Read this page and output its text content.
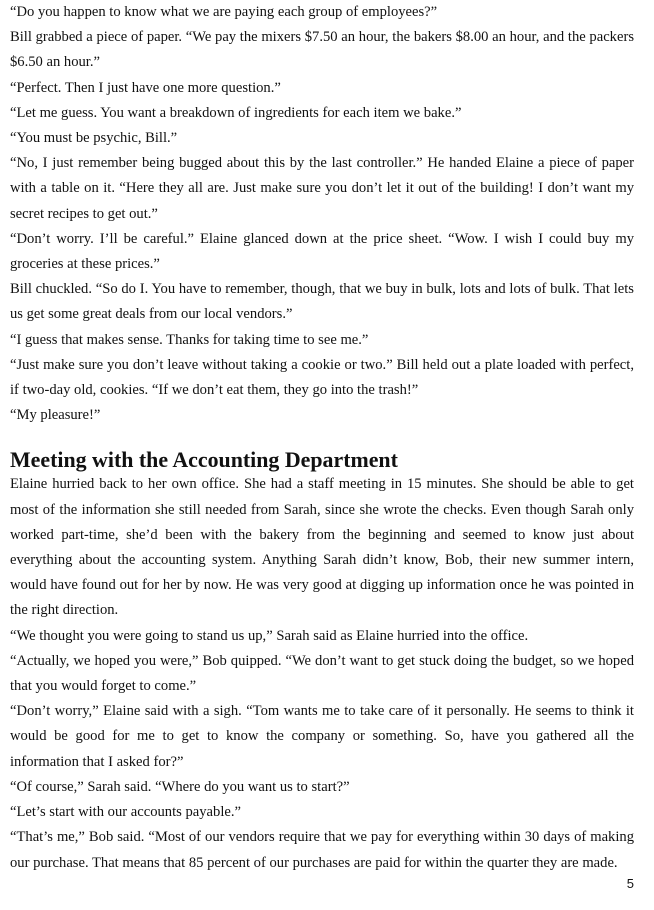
“Do you happen to know what we are paying each group of employees?”

Bill grabbed a piece of paper. “We pay the mixers $7.50 an hour, the bakers $8.00 an hour, and the packers $6.50 an hour.”

“Perfect. Then I just have one more question.”

“Let me guess. You want a breakdown of ingredients for each item we bake.”

“You must be psychic, Bill.”

“No, I just remember being bugged about this by the last controller.” He handed Elaine a piece of paper with a table on it. “Here they all are. Just make sure you don’t let it out of the building! I don’t want my secret recipes to get out.”

“Don’t worry. I’ll be careful.” Elaine glanced down at the price sheet. “Wow. I wish I could buy my groceries at these prices.”

Bill chuckled. “So do I. You have to remember, though, that we buy in bulk, lots and lots of bulk. That lets us get some great deals from our local vendors.”

“I guess that makes sense. Thanks for taking time to see me.”

“Just make sure you don’t leave without taking a cookie or two.” Bill held out a plate loaded with perfect, if two-day old, cookies. “If we don’t eat them, they go into the trash!”

“My pleasure!”

Meeting with the Accounting Department

Elaine hurried back to her own office. She had a staff meeting in 15 minutes. She should be able to get most of the information she still needed from Sarah, since she wrote the checks. Even though Sarah only worked part-time, she’d been with the bakery from the beginning and seemed to know just about everything about the accounting system. Anything Sarah didn’t know, Bob, their new summer intern, would have found out for her by now. He was very good at digging up information once he was pointed in the right direction.

“We thought you were going to stand us up,” Sarah said as Elaine hurried into the office.

“Actually, we hoped you were,” Bob quipped. “We don’t want to get stuck doing the budget, so we hoped that you would forget to come.”

“Don’t worry,” Elaine said with a sigh. “Tom wants me to take care of it personally. He seems to think it would be good for me to get to know the company or something. So, have you gathered all the information that I asked for?”

“Of course,” Sarah said. “Where do you want us to start?”

“Let’s start with our accounts payable.”

“That’s me,” Bob said. “Most of our vendors require that we pay for everything within 30 days of making our purchase. That means that 85 percent of our purchases are paid for within the quarter they are made.

5
